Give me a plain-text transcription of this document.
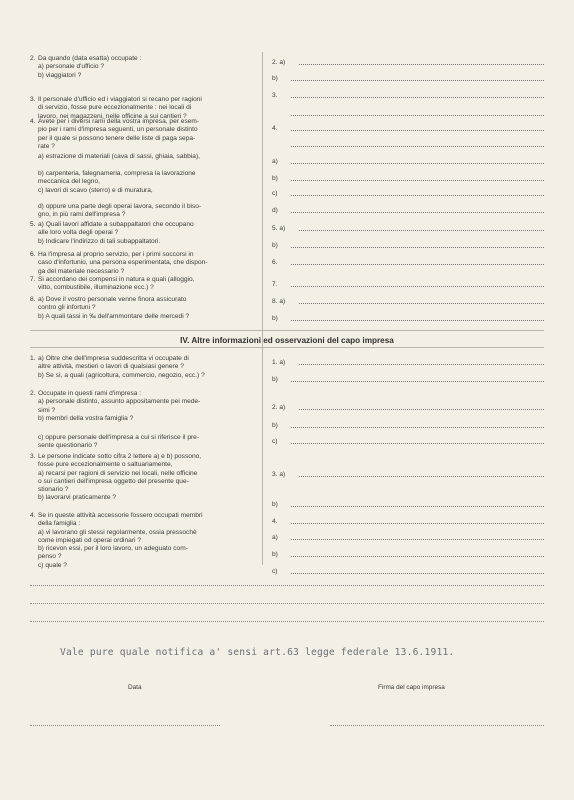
2. Da quando (data esatta) occupate :
a) personale d'ufficio ?
b) viaggiatori ?
3. Il personale d'ufficio ed i viaggiatori si recano per ragioni
di servizio, fosse pure eccezionalmente : nei locali di
lavoro, nei magazzeni, nelle officine a sui cantieri ?
4. Avete per i diversi rami della vostra impresa, per esem-
pio per i rami d'impresa seguenti, un personale distinto
per il quale si possono tenere delle liste di paga sepa-
rate ?
a) estrazione di materiali (cava di sassi, ghiaia, sabbia),
b) carpenteria, falegnameria, compresa la lavorazione
meccanica del legno,
c) lavori di scavo (sterro) e di muratura,
d) oppure una parte degli operai lavora, secondo il biso-
gno, in più rami dell'impresa ?
5. a) Quali lavori affidate a subappaltatori che occupano
alle loro volta degli operai ?
b) Indicare l'indirizzo di tali subappaltatori.
6. Ha l'impresa al proprio servizio, per i primi soccorsi in
caso d'infortunio, una persona esperimentata, che dispon-
ga del materiale necessario ?
7. Si accordano dei compensi in natura e quali (alloggio,
vitto, combustibile, illuminazione ecc.) ?
8. a) Dove il vostro personale venne finora assicurato
contro gli infortuni ?
b) A quali tassi in ‰ dell'ammontare delle mercedi ?
2. a)
b)
3.
4.
a)
b)
c)
d)
5. a)
b)
6.
7.
8. a)
b)
IV. Altre informazioni ed osservazioni del capo impresa
1. a) Oltre che dell'impresa suddescritta vi occupate di
altre attività, mestieri o lavori di qualsiasi genere ?
b) Se sì, a quali (agricoltura, commercio, negozio, ecc.) ?
2. Occupate in questi rami d'impresa :
a) personale distinto, assunto appositamente pei mede-
simi ?
b) membri della vostra famiglia ?
c) oppure personale dell'impresa a cui si riferisce il pre-
sente questionario ?
3. Le persone indicate sotto cifra 2 lettere a) e b) possono,
fosse pure eccezionalmente o saltuariamente,
a) recarsi per ragioni di servizio nei locali, nelle officine
o sui cantieri dell'impresa oggetto del presente que-
stionario ?
b) lavorarvi praticamente ?
4. Se in queste attività accessorie fossero occupati membri
della famiglia :
a) vi lavorano gli stessi regolarmente, ossia pressochè
come impiegati od operai ordinari ?
b) ricevon essi, per il loro lavoro, un adeguato com-
penso ?
c) quale ?
1. a)
b)
2. a)
b)
c)
3. a)
b)
4.
a)
b)
c)
Vale pure quale notifica a' sensi art.63 legge federale 13.6.1911.
Data	Firma del capo impresa
